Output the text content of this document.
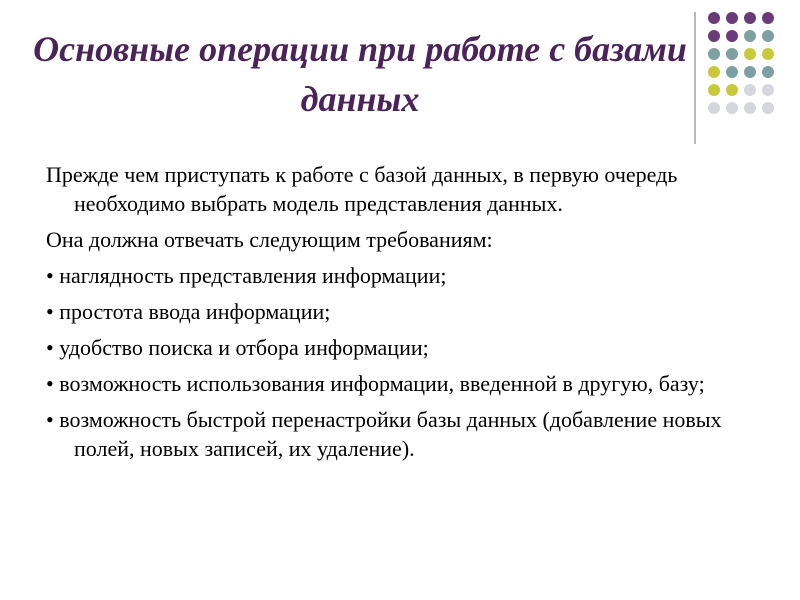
Основные операции при работе с базами данных
Прежде чем приступать к работе с базой данных, в первую очередь необходимо выбрать модель представления данных.
Она должна отвечать следующим требованиям:
• наглядность представления информации;
• простота ввода информации;
• удобство поиска и отбора информации;
• возможность использования информации, введенной в другую, базу;
• возможность быстрой перенастройки базы данных (добавление новых полей, новых записей, их удаление).
